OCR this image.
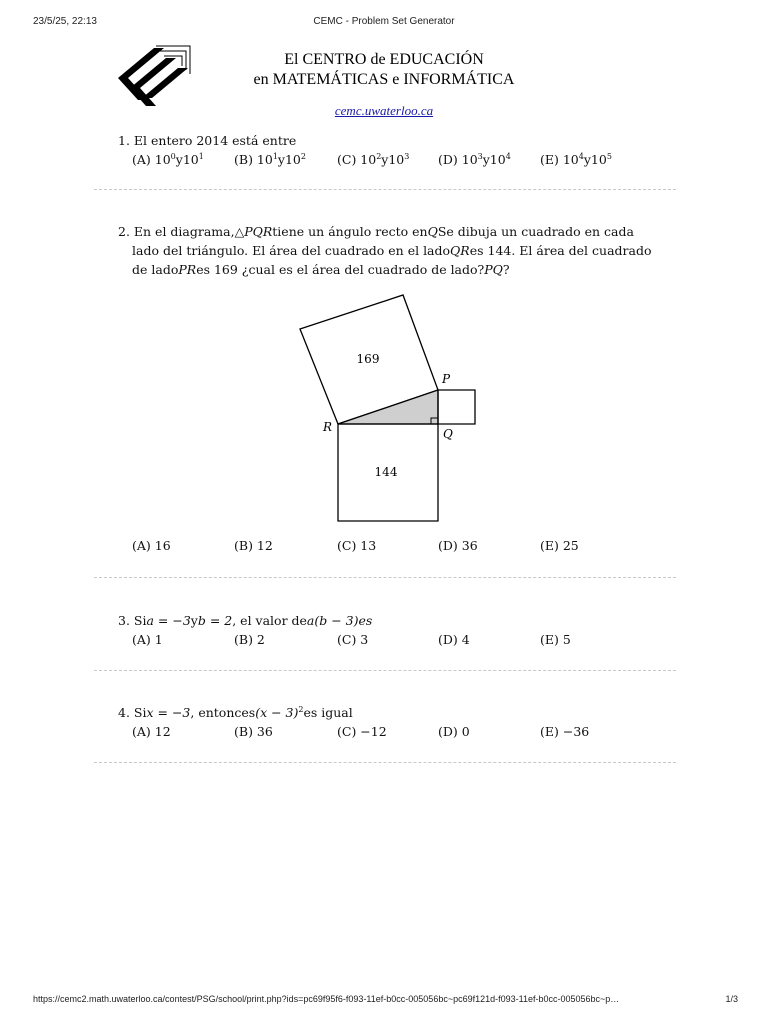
23/5/25, 22:13	CEMC - Problem Set Generator
El CENTRO de EDUCACIÓN
en MATEMÁTICAS e INFORMÁTICA
cemc.uwaterloo.ca
1. El entero 2014 está entre
(A) $10^0y10^1$ (B) $10^1y10^2$ (C) $10^2y10^3$ (D) $10^3y10^4$ (E) $10^4y10^5$
2. En el diagrama,△PQRtiene un ángulo recto enQSe dibuja un cuadrado en cada
lado del triángulo. El área del cuadrado en el ladoQRes 144. El área del cuadrado
de ladoPRes 169 ¿cual es el área del cuadrado de lado?PQ?
169
144
P
Q
R
(A) 16	(B) 12	(C) 13	(D) 36	(E) 25
3. Sia = −3yb = 2, el valor dea(b − 3)es
(A) 1	(B) 2	(C) 3	(D) 4	(E) 5
4. Six = −3, entonces(x − 3)$^2$es igual
(A) 12	(B) 36	(C) −12	(D) 0	(E) −36
https://cemc2.math.uwaterloo.ca/contest/PSG/school/print.php?ids=pc69f95f6-f093-11ef-b0cc-005056bc~pc69f121d-f093-11ef-b0cc-005056bc~p…	1/3
